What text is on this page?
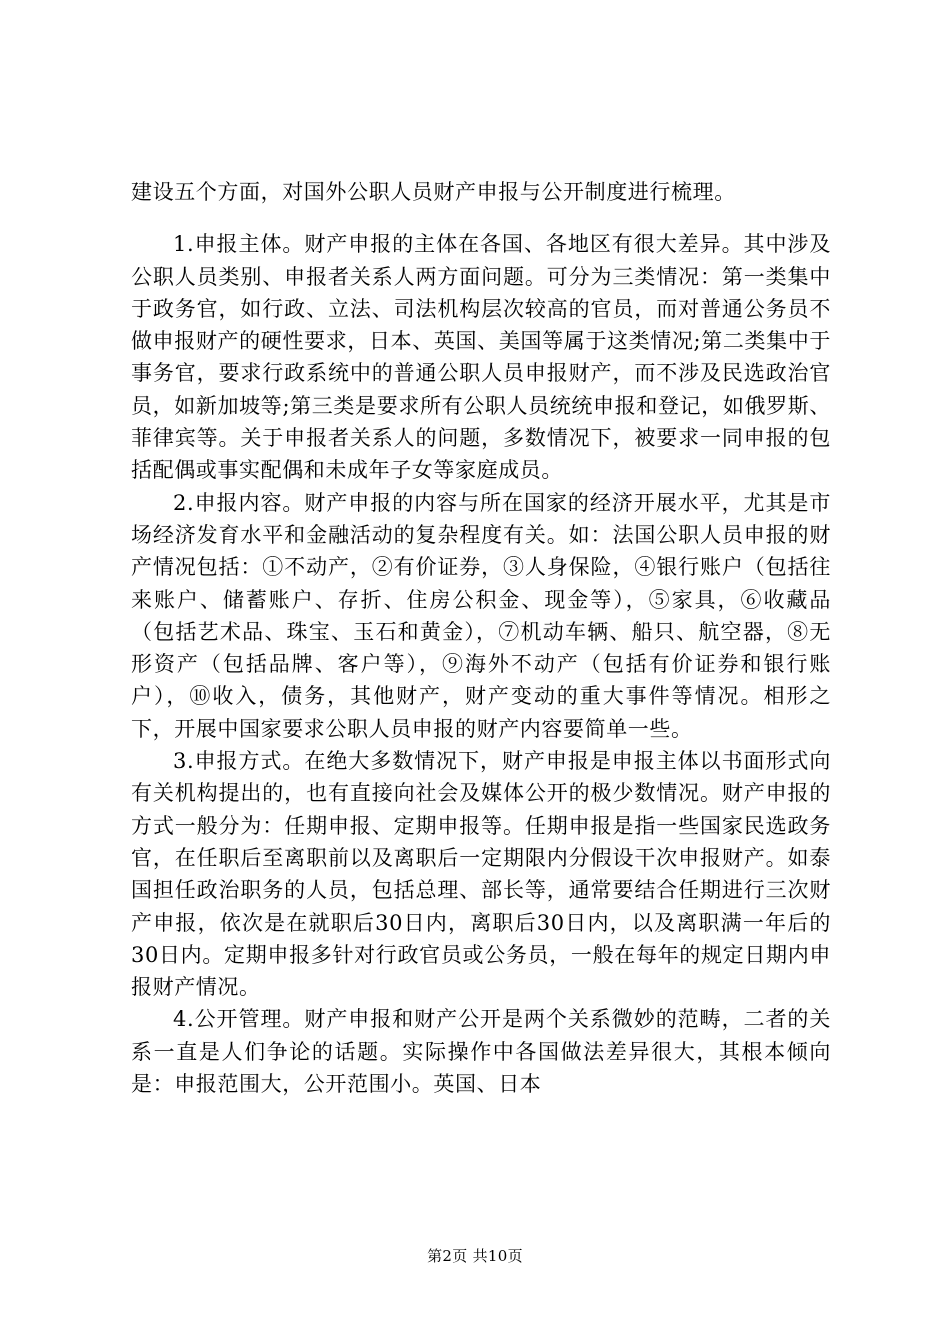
建设五个方面，对国外公职人员财产申报与公开制度进行梳理。

1.申报主体。财产申报的主体在各国、各地区有很大差异。其中涉及公职人员类别、申报者关系人两方面问题。可分为三类情况：第一类集中于政务官，如行政、立法、司法机构层次较高的官员，而对普通公务员不做申报财产的硬性要求，日本、英国、美国等属于这类情况;第二类集中于事务官，要求行政系统中的普通公职人员申报财产，而不涉及民选政治官员，如新加坡等;第三类是要求所有公职人员统统申报和登记，如俄罗斯、菲律宾等。关于申报者关系人的问题，多数情况下，被要求一同申报的包括配偶或事实配偶和未成年子女等家庭成员。

2.申报内容。财产申报的内容与所在国家的经济开展水平，尤其是市场经济发育水平和金融活动的复杂程度有关。如：法国公职人员申报的财产情况包括：①不动产，②有价证券，③人身保险，④银行账户（包括往来账户、储蓄账户、存折、住房公积金、现金等），⑤家具，⑥收藏品（包括艺术品、珠宝、玉石和黄金），⑦机动车辆、船只、航空器，⑧无形资产（包括品牌、客户等），⑨海外不动产（包括有价证券和银行账户），⑩收入，债务，其他财产，财产变动的重大事件等情况。相形之下，开展中国家要求公职人员申报的财产内容要简单一些。

3.申报方式。在绝大多数情况下，财产申报是申报主体以书面形式向有关机构提出的，也有直接向社会及媒体公开的极少数情况。财产申报的方式一般分为：任期申报、定期申报等。任期申报是指一些国家民选政务官，在任职后至离职前以及离职后一定期限内分假设干次申报财产。如泰国担任政治职务的人员，包括总理、部长等，通常要结合任期进行三次财产申报，依次是在就职后30日内，离职后30日内，以及离职满一年后的30日内。定期申报多针对行政官员或公务员，一般在每年的规定日期内申报财产情况。

4.公开管理。财产申报和财产公开是两个关系微妙的范畴，二者的关系一直是人们争论的话题。实际操作中各国做法差异很大，其根本倾向是：申报范围大，公开范围小。英国、日本

第2页 共10页
